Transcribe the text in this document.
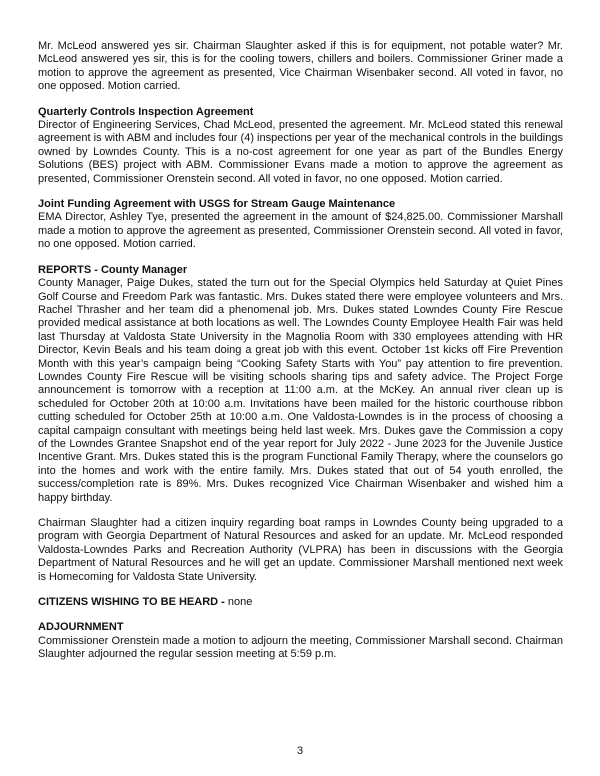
Mr. McLeod answered yes sir. Chairman Slaughter asked if this is for equipment, not potable water? Mr. McLeod answered yes sir, this is for the cooling towers, chillers and boilers. Commissioner Griner made a motion to approve the agreement as presented, Vice Chairman Wisenbaker second. All voted in favor, no one opposed. Motion carried.

Quarterly Controls Inspection Agreement

Director of Engineering Services, Chad McLeod, presented the agreement. Mr. McLeod stated this renewal agreement is with ABM and includes four (4) inspections per year of the mechanical controls in the buildings owned by Lowndes County. This is a no-cost agreement for one year as part of the Bundles Energy Solutions (BES) project with ABM. Commissioner Evans made a motion to approve the agreement as presented, Commissioner Orenstein second. All voted in favor, no one opposed. Motion carried.

Joint Funding Agreement with USGS for Stream Gauge Maintenance

EMA Director, Ashley Tye, presented the agreement in the amount of $24,825.00. Commissioner Marshall made a motion to approve the agreement as presented, Commissioner Orenstein second. All voted in favor, no one opposed. Motion carried.

REPORTS - County Manager

County Manager, Paige Dukes, stated the turn out for the Special Olympics held Saturday at Quiet Pines Golf Course and Freedom Park was fantastic. Mrs. Dukes stated there were employee volunteers and Mrs. Rachel Thrasher and her team did a phenomenal job. Mrs. Dukes stated Lowndes County Fire Rescue provided medical assistance at both locations as well. The Lowndes County Employee Health Fair was held last Thursday at Valdosta State University in the Magnolia Room with 330 employees attending with HR Director, Kevin Beals and his team doing a great job with this event. October 1st kicks off Fire Prevention Month with this year’s campaign being “Cooking Safety Starts with You” pay attention to fire prevention. Lowndes County Fire Rescue will be visiting schools sharing tips and safety advice. The Project Forge announcement is tomorrow with a reception at 11:00 a.m. at the McKey. An annual river clean up is scheduled for October 20th at 10:00 a.m. Invitations have been mailed for the historic courthouse ribbon cutting scheduled for October 25th at 10:00 a.m. One Valdosta-Lowndes is in the process of choosing a capital campaign consultant with meetings being held last week. Mrs. Dukes gave the Commission a copy of the Lowndes Grantee Snapshot end of the year report for July 2022 - June 2023 for the Juvenile Justice Incentive Grant. Mrs. Dukes stated this is the program Functional Family Therapy, where the counselors go into the homes and work with the entire family. Mrs. Dukes stated that out of 54 youth enrolled, the success/completion rate is 89%. Mrs. Dukes recognized Vice Chairman Wisenbaker and wished him a happy birthday.

Chairman Slaughter had a citizen inquiry regarding boat ramps in Lowndes County being upgraded to a program with Georgia Department of Natural Resources and asked for an update. Mr. McLeod responded Valdosta-Lowndes Parks and Recreation Authority (VLPRA) has been in discussions with the Georgia Department of Natural Resources and he will get an update. Commissioner Marshall mentioned next week is Homecoming for Valdosta State University.

CITIZENS WISHING TO BE HEARD - none
ADJOURNMENT

Commissioner Orenstein made a motion to adjourn the meeting, Commissioner Marshall second. Chairman Slaughter adjourned the regular session meeting at 5:59 p.m.

3
